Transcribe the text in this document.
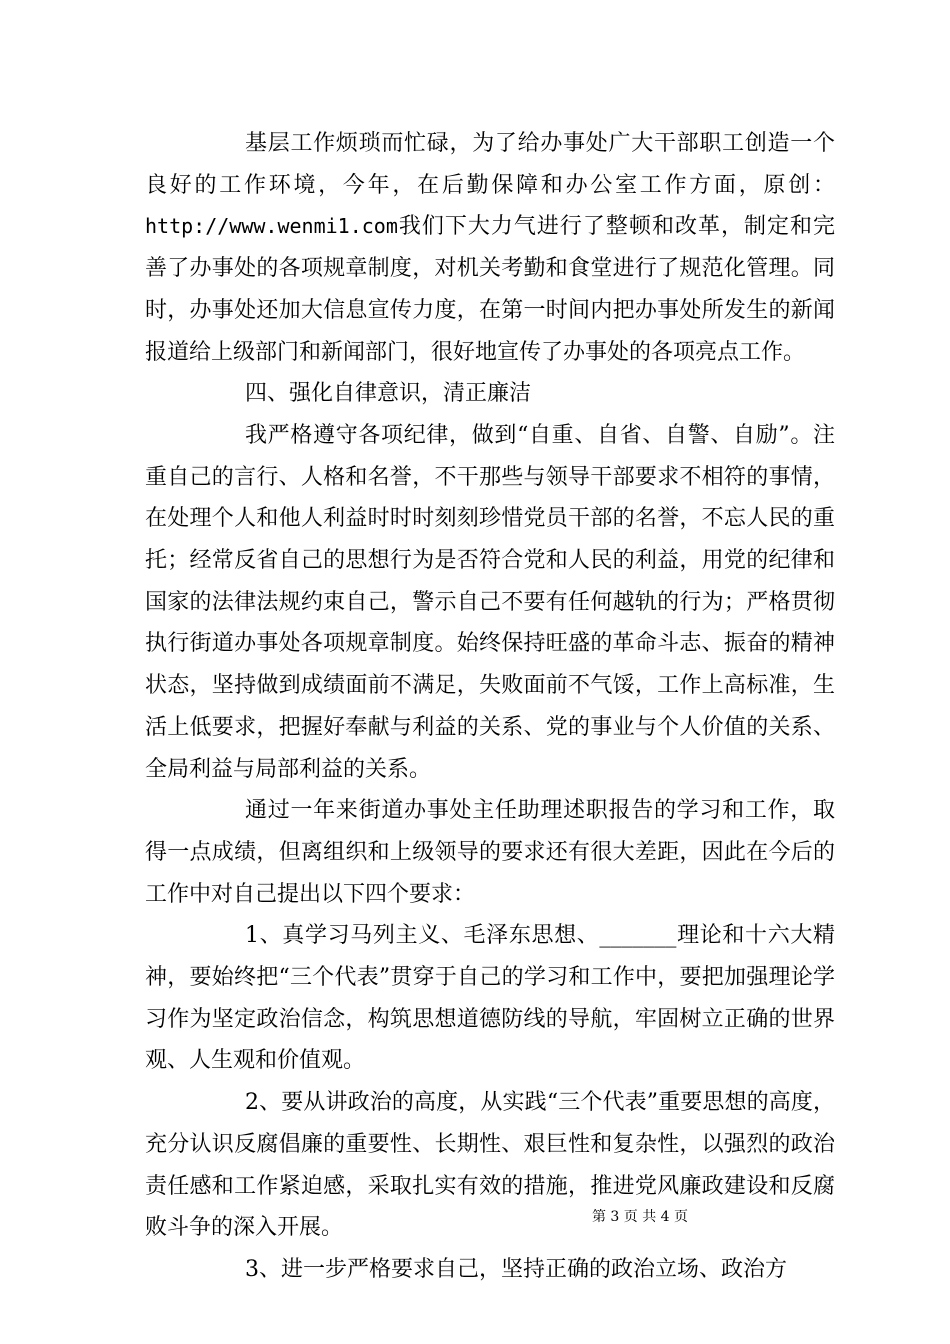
基层工作烦琐而忙碌，为了给办事处广大干部职工创造一个良好的工作环境，今年，在后勤保障和办公室工作方面，原创：http://www.wenmi1.com我们下大力气进行了整顿和改革，制定和完善了办事处的各项规章制度，对机关考勤和食堂进行了规范化管理。同时，办事处还加大信息宣传力度，在第一时间内把办事处所发生的新闻报道给上级部门和新闻部门，很好地宣传了办事处的各项亮点工作。

四、强化自律意识，清正廉洁

我严格遵守各项纪律，做到“自重、自省、自警、自励”。注重自己的言行、人格和名誉，不干那些与领导干部要求不相符的事情，在处理个人和他人利益时时时刻刻珍惜党员干部的名誉，不忘人民的重托；经常反省自己的思想行为是否符合党和人民的利益，用党的纪律和国家的法律法规约束自己，警示自己不要有任何越轨的行为；严格贯彻执行街道办事处各项规章制度。始终保持旺盛的革命斗志、振奋的精神状态，坚持做到成绩面前不满足，失败面前不气馁，工作上高标准，生活上低要求，把握好奉献与利益的关系、党的事业与个人价值的关系、全局利益与局部利益的关系。

通过一年来街道办事处主任助理述职报告的学习和工作，取得一点成绩，但离组织和上级领导的要求还有很大差距，因此在今后的工作中对自己提出以下四个要求：

1、真学习马列主义、毛泽东思想、_______理论和十六大精神，要始终把“三个代表”贯穿于自己的学习和工作中，要把加强理论学习作为坚定政治信念，构筑思想道德防线的导航，牢固树立正确的世界观、人生观和价值观。

2、要从讲政治的高度，从实践“三个代表”重要思想的高度，充分认识反腐倡廉的重要性、长期性、艰巨性和复杂性，以强烈的政治责任感和工作紧迫感，采取扎实有效的措施，推进党风廉政建设和反腐败斗争的深入开展。

3、进一步严格要求自己，坚持正确的政治立场、政治方

第 3 页 共 4 页
